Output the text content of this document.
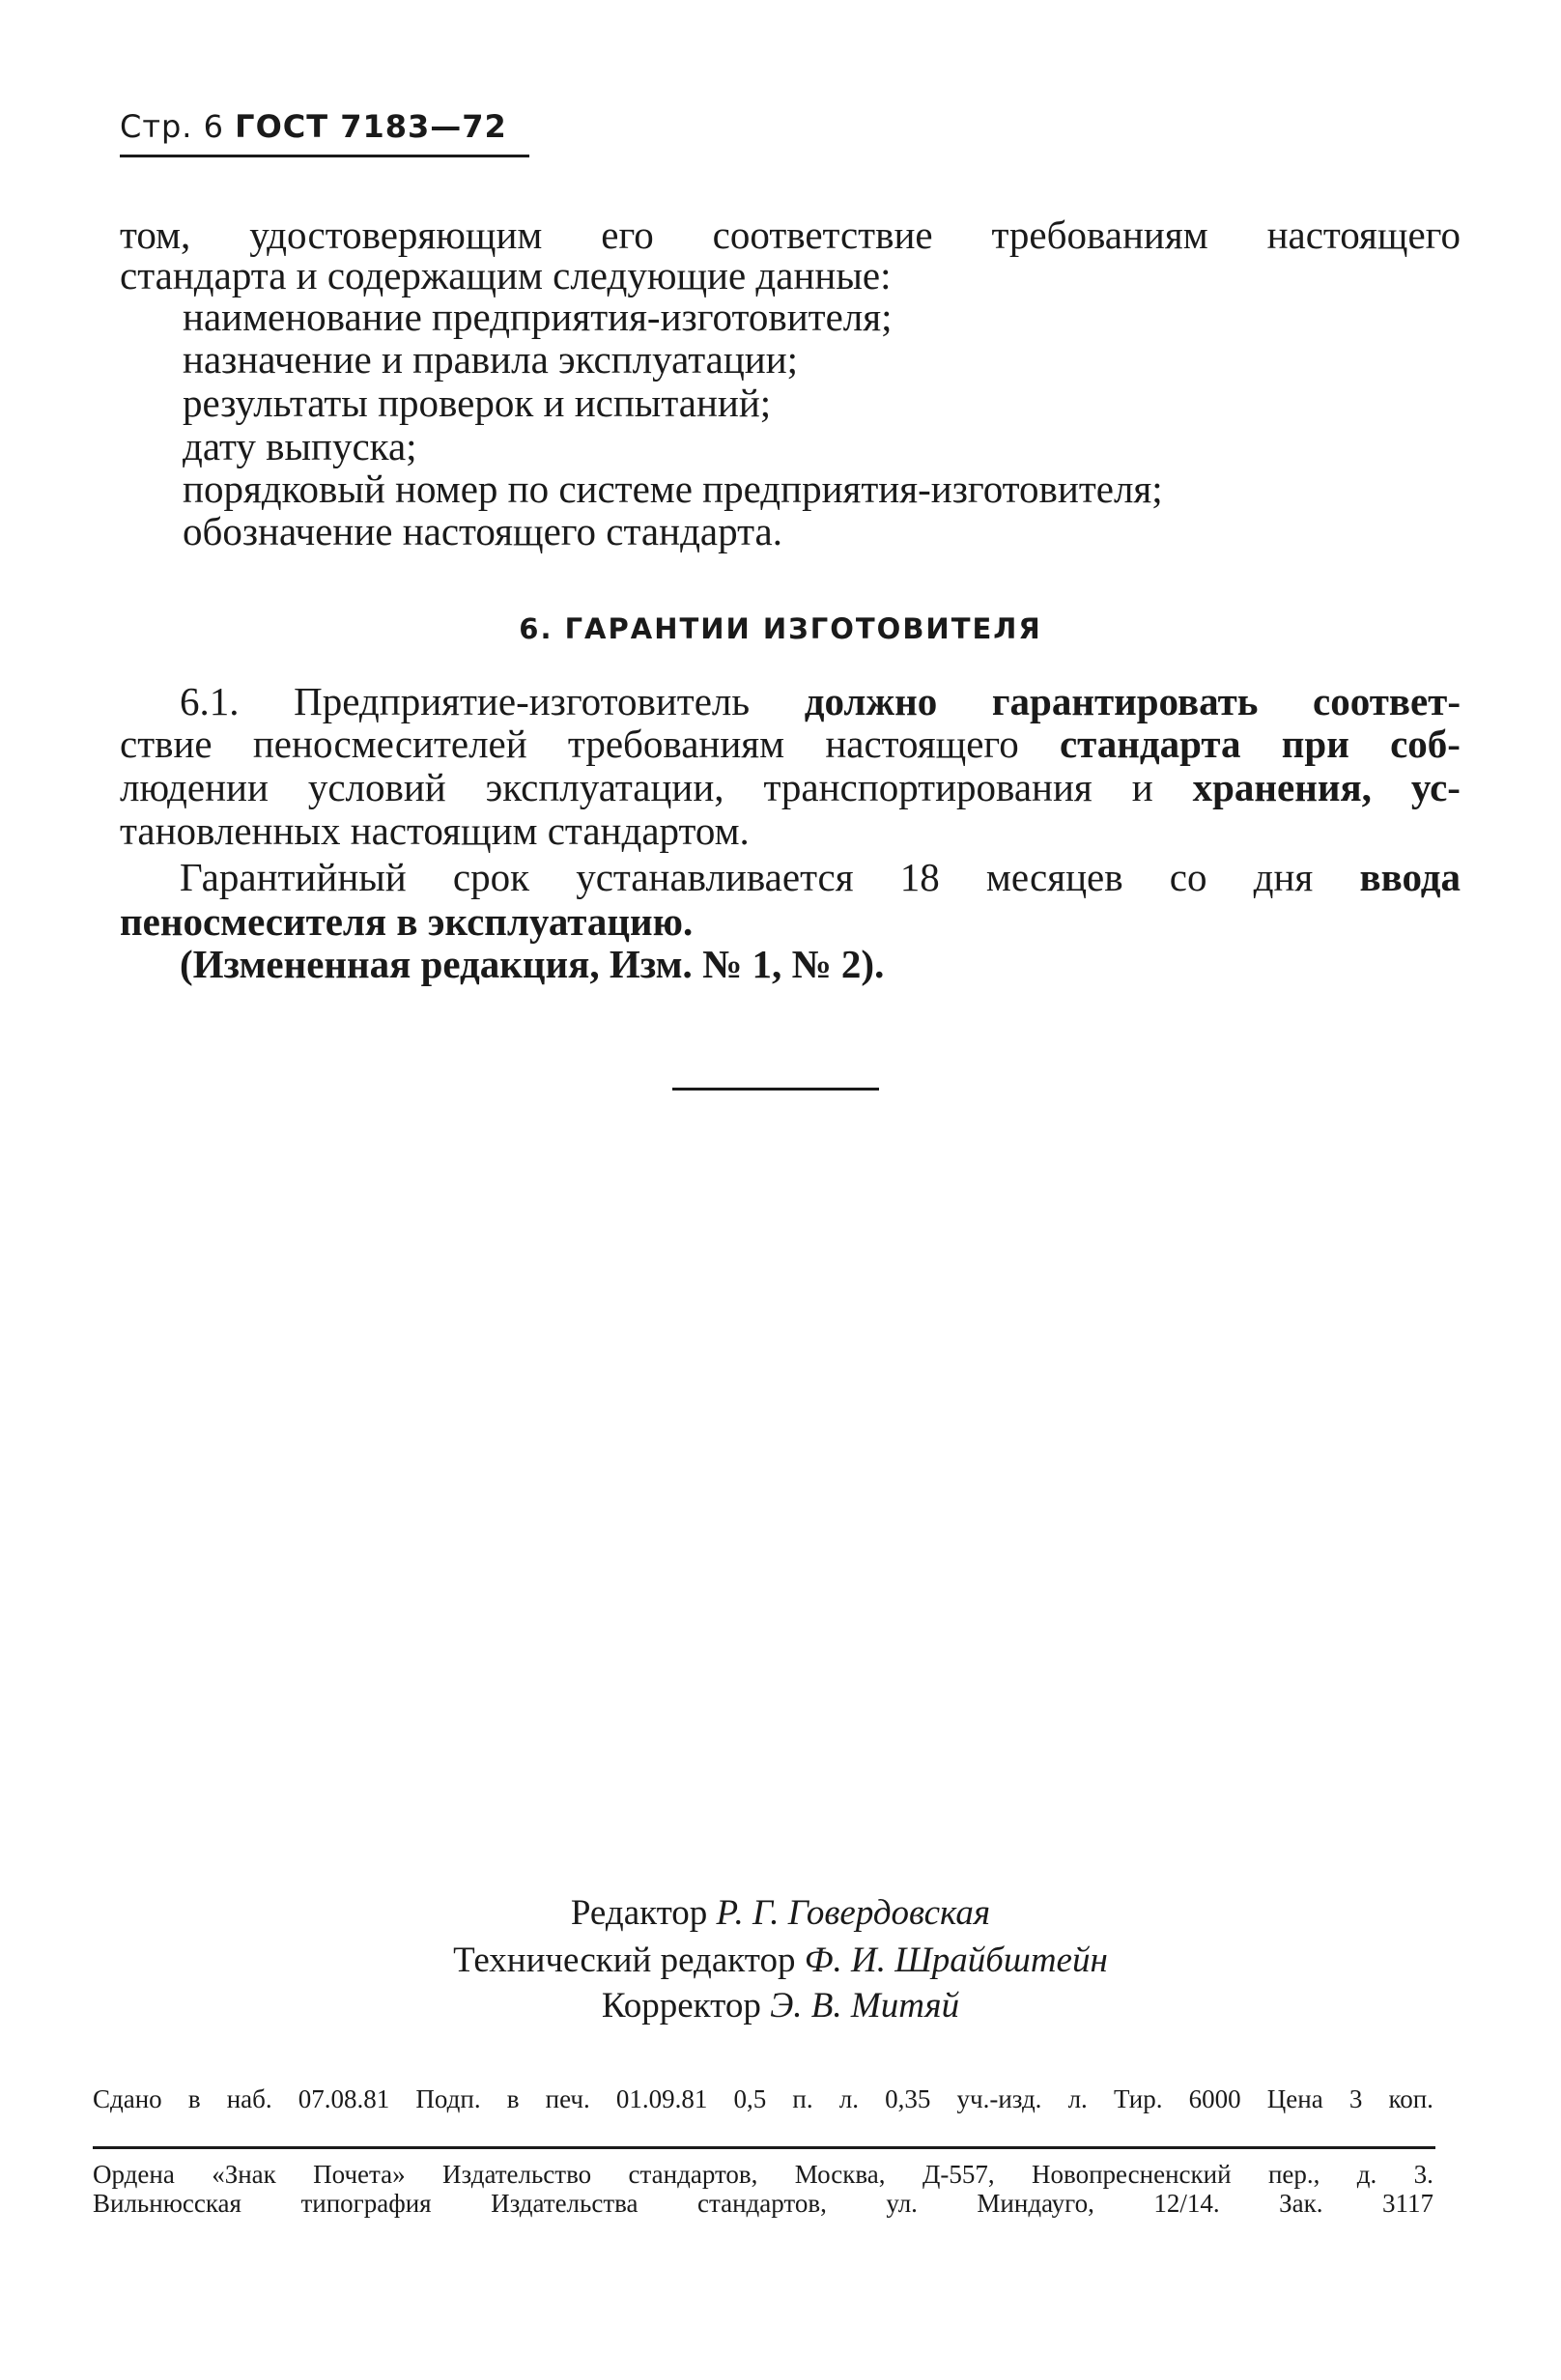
Стр. 6 ГОСТ 7183—72
том, удостоверяющим его соответствие требованиям настоящего
стандарта и содержащим следующие данные:
наименование предприятия-изготовителя;
назначение и правила эксплуатации;
результаты проверок и испытаний;
дату выпуска;
порядковый номер по системе предприятия-изготовителя;
обозначение настоящего стандарта.
6. ГАРАНТИИ ИЗГОТОВИТЕЛЯ
6.1. Предприятие-изготовитель должно гарантировать соответ-
ствие пеносмесителей требованиям настоящего стандарта при соб-
людении условий эксплуатации, транспортирования и хранения, ус-
тановленных настоящим стандартом.
Гарантийный срок устанавливается 18 месяцев со дня ввода
пеносмесителя в эксплуатацию.
(Измененная редакция, Изм. № 1, № 2).
Редактор Р. Г. Говердовская
Технический редактор Ф. И. Шрайбштейн
Корректор Э. В. Митяй
Сдано в наб. 07.08.81 Подп. в печ. 01.09.81 0,5 п. л. 0,35 уч.-изд. л. Тир. 6000 Цена 3 коп.
Ордена «Знак Почета» Издательство стандартов, Москва, Д-557, Новопресненский пер., д. 3.
Вильнюсская типография Издательства стандартов, ул. Миндауго, 12/14. Зак. 3117
